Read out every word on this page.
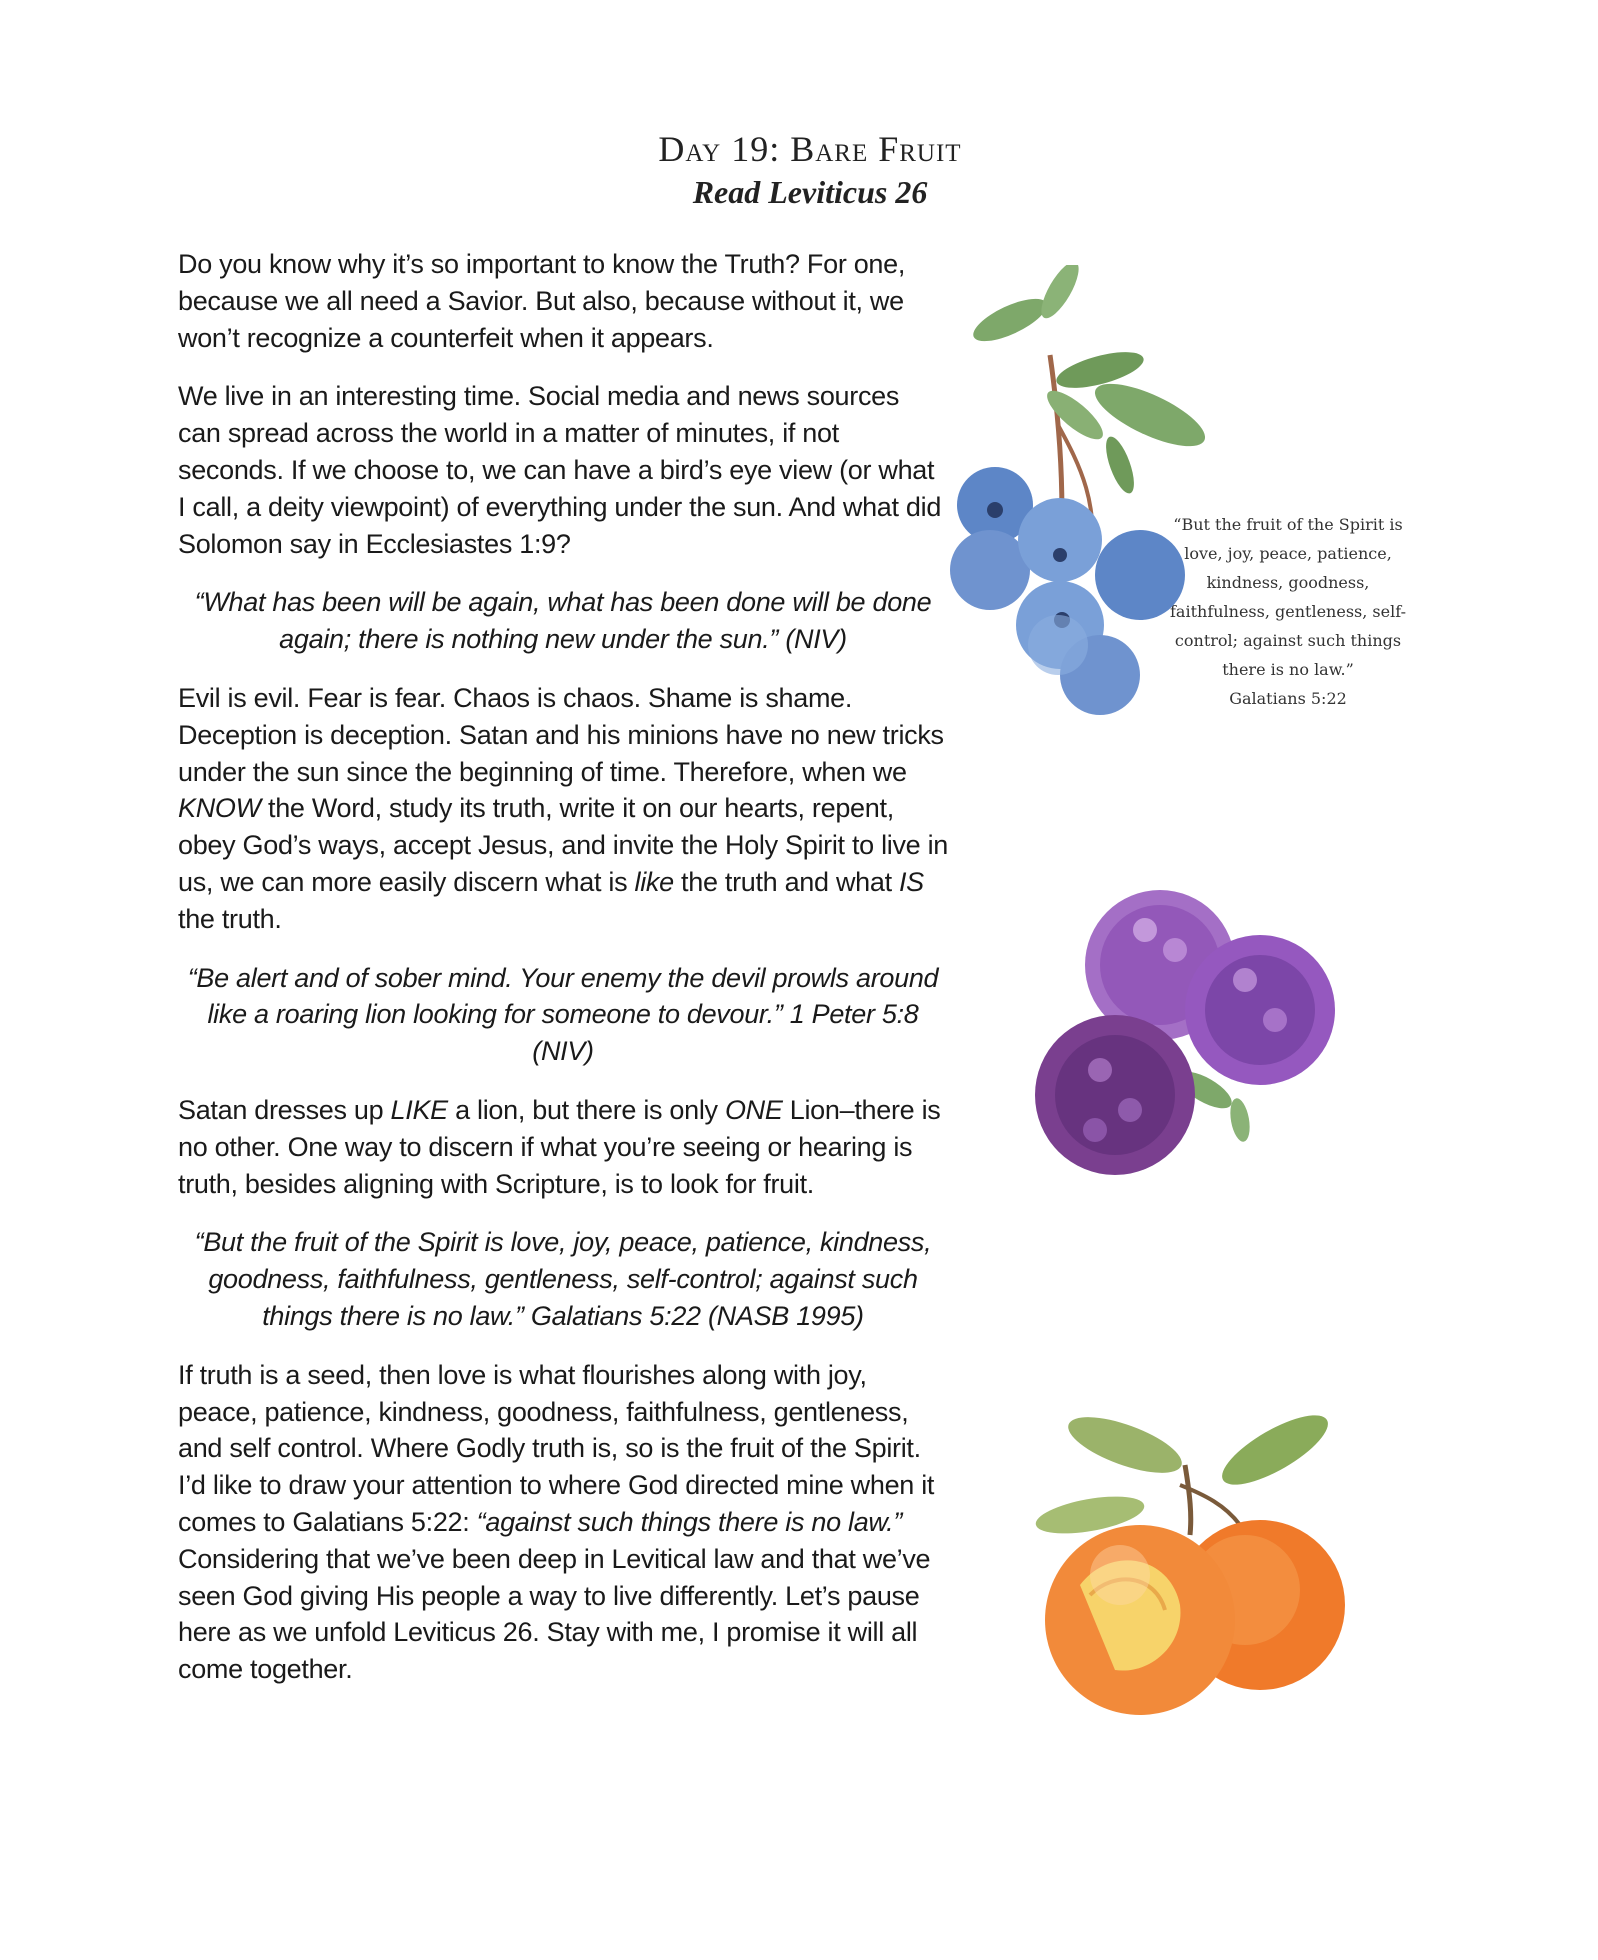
Day 19: Bare Fruit
Read Leviticus 26

Do you know why it’s so important to know the Truth? For one, because we all need a Savior. But also, because without it, we won’t recognize a counterfeit when it appears.

We live in an interesting time. Social media and news sources can spread across the world in a matter of minutes, if not seconds. If we choose to, we can have a bird’s eye view (or what I call, a deity viewpoint) of everything under the sun. And what did Solomon say in Ecclesiastes 1:9?

“What has been will be again, what has been done will be done again; there is nothing new under the sun.” (NIV)

Evil is evil. Fear is fear. Chaos is chaos. Shame is shame. Deception is deception. Satan and his minions have no new tricks under the sun since the beginning of time. Therefore, when we KNOW the Word, study its truth, write it on our hearts, repent, obey God’s ways, accept Jesus, and invite the Holy Spirit to live in us, we can more easily discern what is like the truth and what IS the truth.

“Be alert and of sober mind. Your enemy the devil prowls around like a roaring lion looking for someone to devour.” 1 Peter 5:8 (NIV)

Satan dresses up LIKE a lion, but there is only ONE Lion–there is no other. One way to discern if what you’re seeing or hearing is truth, besides aligning with Scripture, is to look for fruit.

“But the fruit of the Spirit is love, joy, peace, patience, kindness, goodness, faithfulness, gentleness, self-control; against such things there is no law.” Galatians 5:22 (NASB 1995)

If truth is a seed, then love is what flourishes along with joy, peace, patience, kindness, goodness, faithfulness, gentleness, and self control. Where Godly truth is, so is the fruit of the Spirit. I’d like to draw your attention to where God directed mine when it comes to Galatians 5:22: “against such things there is no law.” Considering that we’ve been deep in Levitical law and that we’ve seen God giving His people a way to live differently. Let’s pause here as we unfold Leviticus 26. Stay with me, I promise it will all come together.

“But the fruit of the Spirit is love, joy, peace, patience, kindness, goodness, faithfulness, gentleness, self-control; against such things there is no law.”
Galatians 5:22
